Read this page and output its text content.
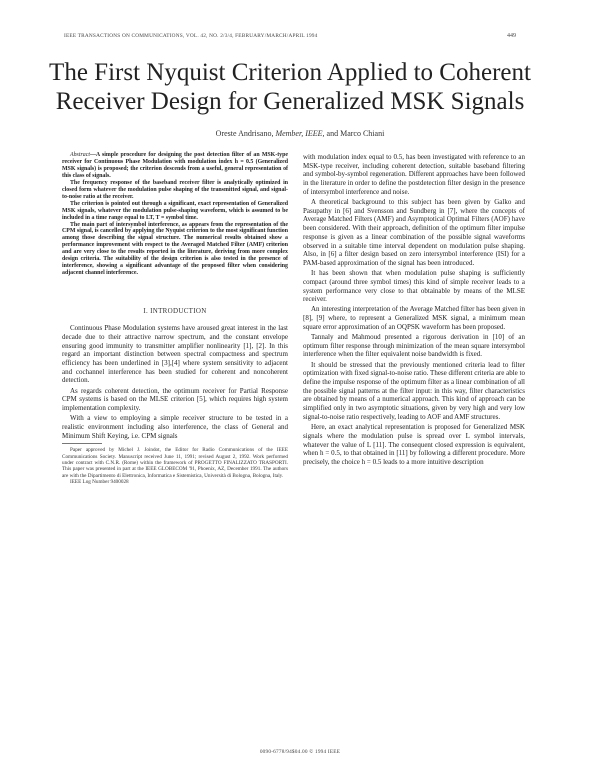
IEEE TRANSACTIONS ON COMMUNICATIONS, VOL. 42, NO. 2/3/4, FEBRUARY/MARCH/APRIL 1994	449
The First Nyquist Criterion Applied to Coherent
Receiver Design for Generalized MSK Signals
Oreste Andrisano, Member, IEEE, and Marco Chiani

Abstract—A simple procedure for designing the post detection filter of an MSK-type receiver for Continuous Phase Modulation with modulation index h = 0.5 (Generalized MSK signals) is proposed; the criterion descends from a useful, general representation of this class of signals.

The frequency response of the baseband receiver filter is analytically optimized in closed form whatever the modulation pulse shaping of the transmitted signal, and signal-to-noise ratio at the receiver.

The criterion is pointed out through a significant, exact representation of Generalized MSK signals, whatever the modulation pulse-shaping waveform, which is assumed to be included in a time range equal to LT, T = symbol time.

The main part of intersymbol interference, as appears from the representation of the CPM signal, is cancelled by applying the Nyquist criterion to the most significant function among those describing the signal structure. The numerical results obtained show a performance improvement with respect to the Averaged Matched Filter (AMF) criterion and are very close to the results reported in the literature, deriving from more complex design criteria. The suitability of the design criterion is also tested in the presence of interference, showing a significant advantage of the proposed filter when considering adjacent channel interference.

I. INTRODUCTION

Continuous Phase Modulation systems have aroused great interest in the last decade due to their attractive narrow spectrum, and the constant envelope ensuring good immunity to transmitter amplifier nonlinearity [1], [2]. In this regard an important distinction between spectral compactness and spectrum efficiency has been underlined in [3],[4] where system sensitivity to adjacent and cochannel interference has been studied for coherent and noncoherent detection.

As regards coherent detection, the optimum receiver for Partial Response CPM systems is based on the MLSE criterion [5], which requires high system implementation complexity.

With a view to employing a simple receiver structure to be tested in a realistic environment including also interference, the class of General and Minimum Shift Keying, i.e. CPM signals

Paper approved by Michel J. Joindot, the Editor for Radio Communications of the IEEE Communications Society. Manuscript received June 11, 1991; revised August 2, 1992. Work performed under contract with C.N.R. (Rome) within the framework of PROGETTO FINALIZZATO TRASPORTI. This paper was presented in part at the IEEE GLOBECOM '91, Phoenix, AZ, December 1991. The authors are with the Dipartimento di Elettronica, Informatica e Sistemistica, Università di Bologna, Bologna, Italy.

IEEE Log Number 9400028

with modulation index equal to 0.5, has been investigated with reference to an MSK-type receiver, including coherent detection, suitable baseband filtering and symbol-by-symbol regeneration. Different approaches have been followed in the literature in order to define the postdetection filter design in the presence of intersymbol interference and noise.

A theoretical background to this subject has been given by Galko and Pasupathy in [6] and Svensson and Sundberg in [7], where the concepts of Average Matched Filters (AMF) and Asymptotical Optimal Filters (AOF) have been considered. With their approach, definition of the optimum filter impulse response is given as a linear combination of the possible signal waveforms observed in a suitable time interval dependent on modulation pulse shaping. Also, in [6] a filter design based on zero intersymbol interference (ISI) for a PAM-based approximation of the signal has been introduced.

It has been shown that when modulation pulse shaping is sufficiently compact (around three symbol times) this kind of simple receiver leads to a system performance very close to that obtainable by means of the MLSE receiver.

An interesting interpretation of the Average Matched filter has been given in [8], [9] where, to represent a Generalized MSK signal, a minimum mean square error approximation of an OQPSK waveform has been proposed.

Tannaly and Mahmoud presented a rigorous derivation in [10] of an optimum filter response through minimization of the mean square intersymbol interference when the filter equivalent noise bandwidth is fixed.

It should be stressed that the previously mentioned criteria lead to filter optimization with fixed signal-to-noise ratio. These different criteria are able to define the impulse response of the optimum filter as a linear combination of all the possible signal patterns at the filter input: in this way, filter characteristics are obtained by means of a numerical approach. This kind of approach can be simplified only in two asymptotic situations, given by very high and very low signal-to-noise ratio respectively, leading to AOF and AMF structures.

Here, an exact analytical representation is proposed for Generalized MSK signals where the modulation pulse is spread over L symbol intervals, whatever the value of L [11]. The consequent closed expression is equivalent, when h = 0.5, to that obtained in [11] by following a different procedure. More precisely, the choice h = 0.5 leads to a more intuitive description

0090-6778/94$04.00 © 1994 IEEE
